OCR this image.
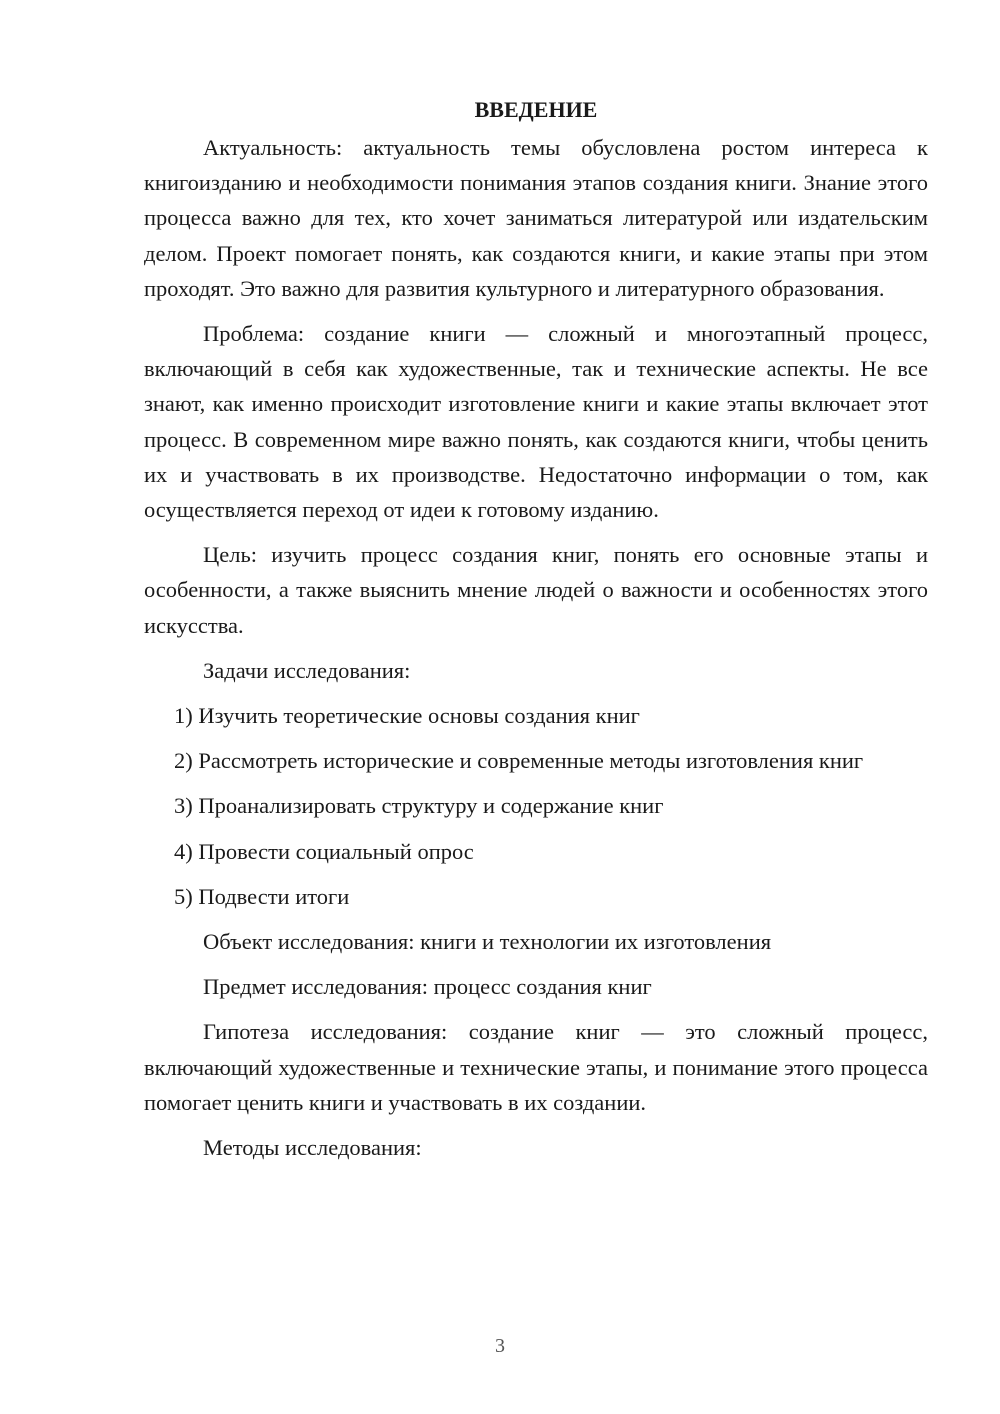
ВВЕДЕНИЕ

Актуальность: актуальность темы обусловлена ростом интереса к книгоизданию и необходимости понимания этапов создания книги. Знание этого процесса важно для тех, кто хочет заниматься литературой или издательским делом. Проект помогает понять, как создаются книги, и какие этапы при этом проходят. Это важно для развития культурного и литературного образования.

Проблема: создание книги — сложный и многоэтапный процесс, включающий в себя как художественные, так и технические аспекты. Не все знают, как именно происходит изготовление книги и какие этапы включает этот процесс. В современном мире важно понять, как создаются книги, чтобы ценить их и участвовать в их производстве. Недостаточно информации о том, как осуществляется переход от идеи к готовому изданию.

Цель: изучить процесс создания книг, понять его основные этапы и особенности, а также выяснить мнение людей о важности и особенностях этого искусства.

Задачи исследования:

1) Изучить теоретические основы создания книг

2) Рассмотреть исторические и современные методы изготовления книг

3) Проанализировать структуру и содержание книг

4) Провести социальный опрос

5) Подвести итоги

Объект исследования: книги и технологии их изготовления

Предмет исследования: процесс создания книг

Гипотеза исследования: создание книг — это сложный процесс, включающий художественные и технические этапы, и понимание этого процесса помогает ценить книги и участвовать в их создании.

Методы исследования:

3
